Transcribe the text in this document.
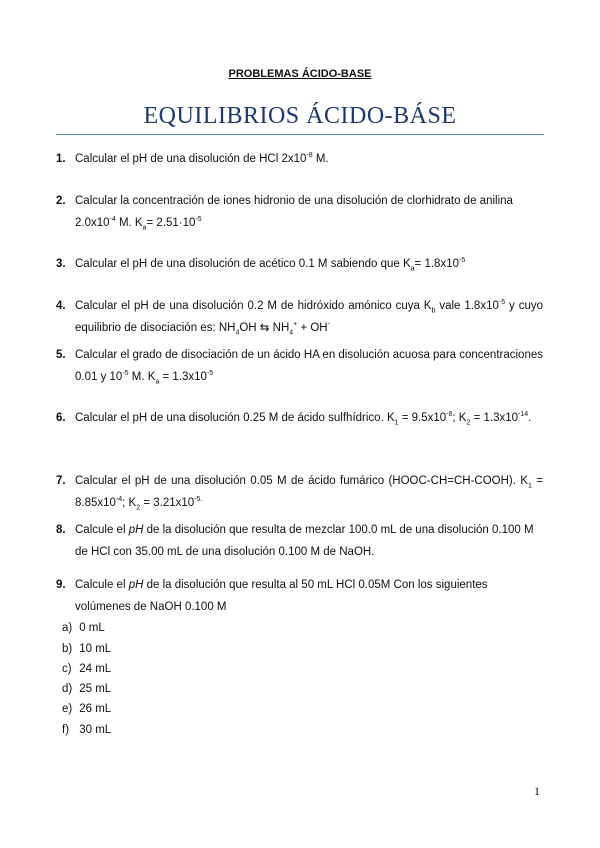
PROBLEMAS ÁCIDO-BASE
EQUILIBRIOS ÁCIDO-BÁSE
1. Calcular el pH de una disolución de HCl $2x10^{-8}$ M.
2. Calcular la concentración de iones hidronio de una disolución de clorhidrato de anilina $2.0x10^{-4}$ M. $K_a= 2.51\cdot 10^{-5}$
3. Calcular el pH de una disolución de acético 0.1 M sabiendo que $K_a= 1.8x10^{-5}$
4. Calcular el pH de una disolución 0.2 M de hidróxido amónico cuya $K_b$ vale $1.8x10^{-5}$ y cuyo equilibrio de disociación es: $NH_4OH$ ⇆ $NH_4^+ + OH^-$
5. Calcular el grado de disociación de un ácido HA en disolución acuosa para concentraciones 0.01 y $10^{-5}$ M. $K_a = 1.3x10^{-5}$
6. Calcular el pH de una disolución 0.25 M de ácido sulfhídrico. $K_1 = 9.5x10^{-8}$; $K_2 = 1.3x10^{-14}$.
7. Calcular el pH de una disolución 0.05 M de ácido fumárico (HOOC-CH=CH-COOH). $K_1 = 8.85x10^{-4}$; $K_2 = 3.21x10^{-5.}$
8. Calcule el pH de la disolución que resulta de mezclar 100.0 mL de una disolución 0.100 M de HCl con 35.00 mL de una disolución 0.100 M de NaOH.
9. Calcule el pH de la disolución que resulta al 50 mL HCl 0.05M Con los siguientes volúmenes de NaOH 0.100 M
a) 0 mL
b) 10 mL
c) 24 mL
d) 25 mL
e) 26 mL
f) 30 mL
1
